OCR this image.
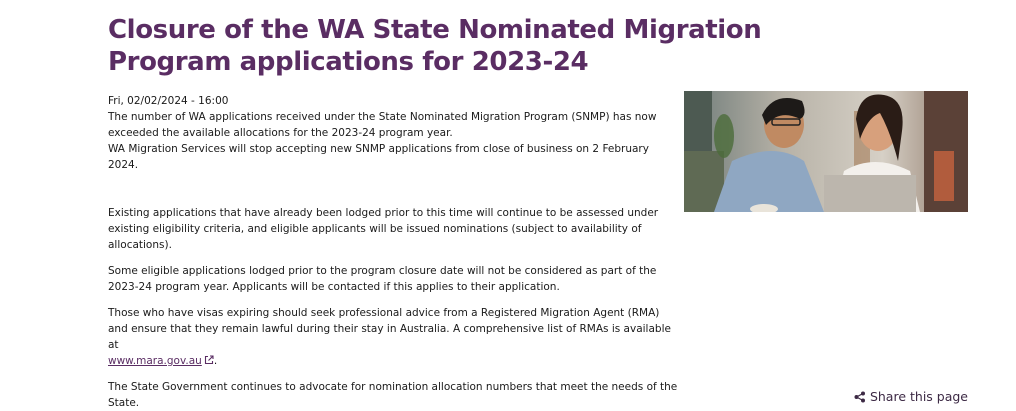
Closure of the WA State Nominated Migration Program applications for 2023-24
Fri, 02/02/2024 - 16:00

The number of WA applications received under the State Nominated Migration Program (SNMP) has now exceeded the available allocations for the 2023-24 program year.

WA Migration Services will stop accepting new SNMP applications from close of business on 2 February 2024.

Existing applications that have already been lodged prior to this time will continue to be assessed under existing eligibility criteria, and eligible applicants will be issued nominations (subject to availability of allocations).

Some eligible applications lodged prior to the program closure date will not be considered as part of the 2023-24 program year. Applicants will be contacted if this applies to their application.

Those who have visas expiring should seek professional advice from a Registered Migration Agent (RMA) and ensure that they remain lawful during their stay in Australia. A comprehensive list of RMAs is available at
www.mara.gov.au .

The State Government continues to advocate for nomination allocation numbers that meet the needs of the State.	Share this page
